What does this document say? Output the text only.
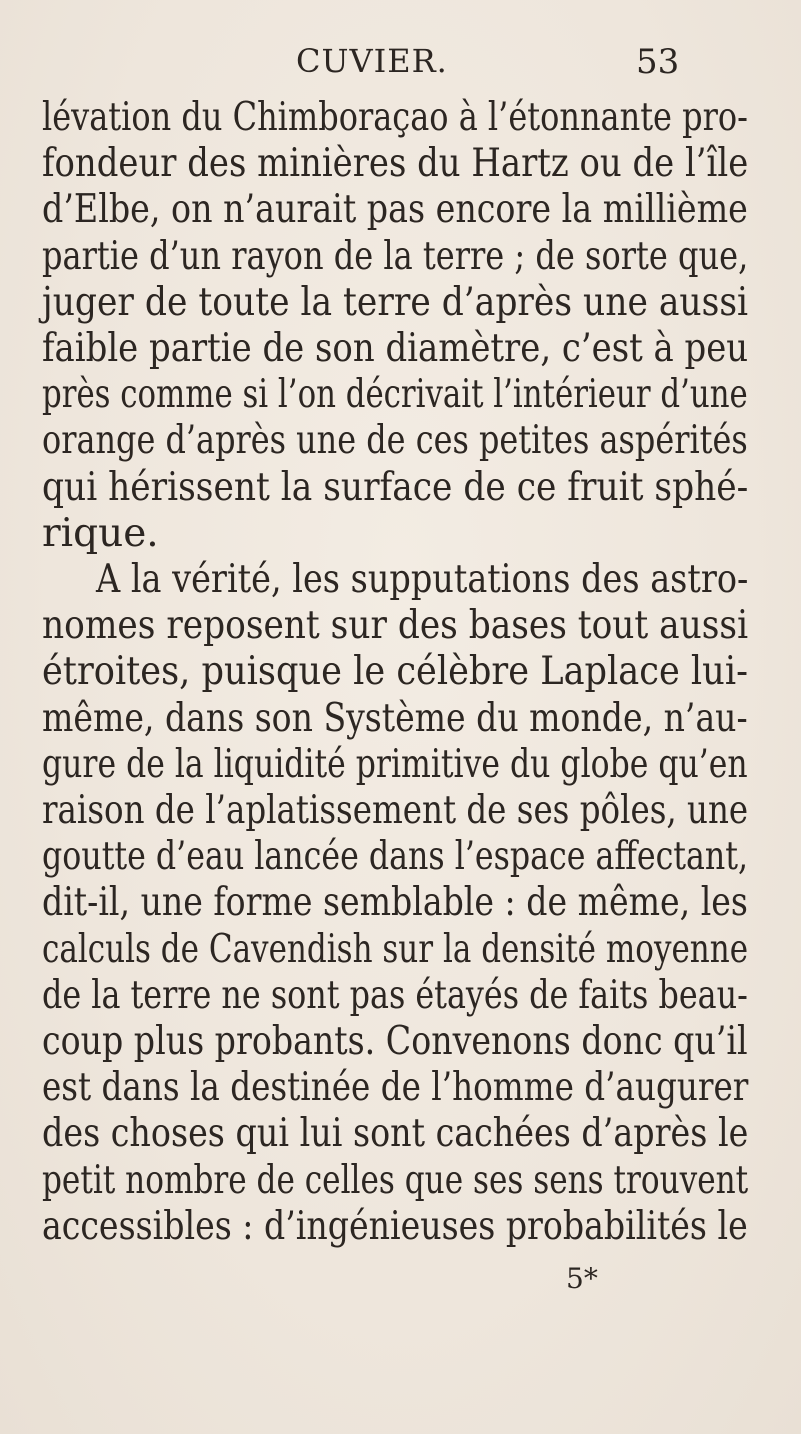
CUVIER.	53
lévation du Chimboraçao à l’étonnante pro-
fondeur des minières du Hartz ou de l’île
d’Elbe, on n’aurait pas encore la millième
partie d’un rayon de la terre ; de sorte que,
juger de toute la terre d’après une aussi
faible partie de son diamètre, c’est à peu
près comme si l’on décrivait l’intérieur d’une
orange d’après une de ces petites aspérités
qui hérissent la surface de ce fruit sphé-
rique.
A la vérité, les supputations des astro-
nomes reposent sur des bases tout aussi
étroites, puisque le célèbre Laplace lui-
même, dans son Système du monde, n’au-
gure de la liquidité primitive du globe qu’en
raison de l’aplatissement de ses pôles, une
goutte d’eau lancée dans l’espace affectant,
dit-il, une forme semblable : de même, les
calculs de Cavendish sur la densité moyenne
de la terre ne sont pas étayés de faits beau-
coup plus probants. Convenons donc qu’il
est dans la destinée de l’homme d’augurer
des choses qui lui sont cachées d’après le
petit nombre de celles que ses sens trouvent
accessibles : d’ingénieuses probabilités le
5*
